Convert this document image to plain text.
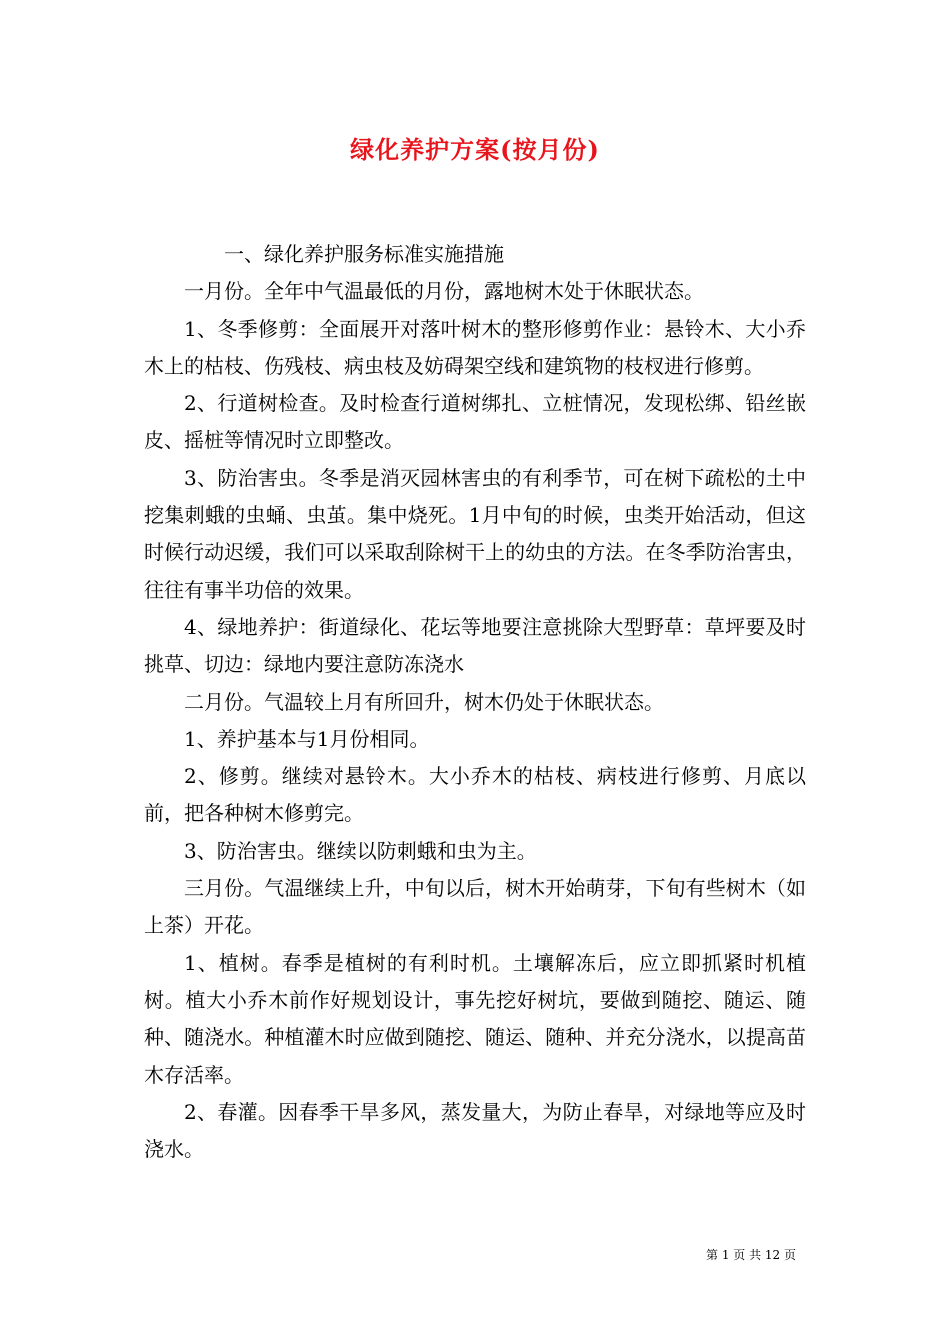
绿化养护方案(按月份)

一、绿化养护服务标准实施措施

一月份。全年中气温最低的月份，露地树木处于休眠状态。

1、冬季修剪：全面展开对落叶树木的整形修剪作业：悬铃木、大小乔木上的枯枝、伤残枝、病虫枝及妨碍架空线和建筑物的枝杈进行修剪。

2、行道树检查。及时检查行道树绑扎、立桩情况，发现松绑、铅丝嵌皮、摇桩等情况时立即整改。

3、防治害虫。冬季是消灭园林害虫的有利季节，可在树下疏松的土中挖集刺蛾的虫蛹、虫茧。集中烧死。1月中旬的时候，虫类开始活动，但这时候行动迟缓，我们可以采取刮除树干上的幼虫的方法。在冬季防治害虫，往往有事半功倍的效果。

4、绿地养护：街道绿化、花坛等地要注意挑除大型野草：草坪要及时挑草、切边：绿地内要注意防冻浇水

二月份。气温较上月有所回升，树木仍处于休眠状态。

1、养护基本与1月份相同。

2、修剪。继续对悬铃木。大小乔木的枯枝、病枝进行修剪、月底以前，把各种树木修剪完。

3、防治害虫。继续以防刺蛾和虫为主。

三月份。气温继续上升，中旬以后，树木开始萌芽，下旬有些树木（如上茶）开花。

1、植树。春季是植树的有利时机。土壤解冻后，应立即抓紧时机植树。植大小乔木前作好规划设计，事先挖好树坑，要做到随挖、随运、随种、随浇水。种植灌木时应做到随挖、随运、随种、并充分浇水，以提高苗木存活率。

2、春灌。因春季干旱多风，蒸发量大，为防止春旱，对绿地等应及时浇水。

第 1 页 共 12 页
